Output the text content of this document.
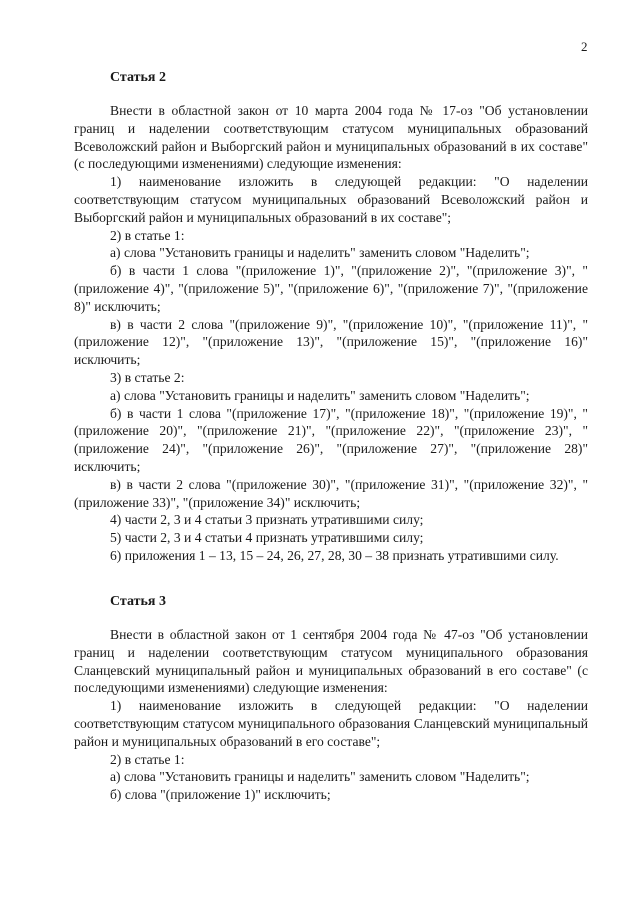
2
Статья 2

Внести в областной закон от 10 марта 2004 года № 17-оз "Об установлении границ и наделении соответствующим статусом муниципальных образований Всеволожский район и Выборгский район и муниципальных образований в их составе" (с последующими изменениями) следующие изменения:

1) наименование изложить в следующей редакции: "О наделении соответствующим статусом муниципальных образований Всеволожский район и Выборгский район и муниципальных образований в их составе";

2) в статье 1:

а) слова "Установить границы и наделить" заменить словом "Наделить";

б) в части 1 слова "(приложение 1)", "(приложение 2)", "(приложение 3)", "(приложение 4)", "(приложение 5)", "(приложение 6)", "(приложение 7)", "(приложение 8)" исключить;

в) в части 2 слова "(приложение 9)", "(приложение 10)", "(приложение 11)", "(приложение 12)", "(приложение 13)", "(приложение 15)", "(приложение 16)" исключить;

3) в статье 2:

а) слова "Установить границы и наделить" заменить словом "Наделить";

б) в части 1 слова "(приложение 17)", "(приложение 18)", "(приложение 19)", "(приложение 20)", "(приложение 21)", "(приложение 22)", "(приложение 23)", "(приложение 24)", "(приложение 26)", "(приложение 27)", "(приложение 28)" исключить;

в) в части 2 слова "(приложение 30)", "(приложение 31)", "(приложение 32)", "(приложение 33)", "(приложение 34)" исключить;

4) части 2, 3 и 4 статьи 3 признать утратившими силу;

5) части 2, 3 и 4 статьи 4 признать утратившими силу;

6) приложения 1 – 13, 15 – 24, 26, 27, 28, 30 – 38 признать утратившими силу.

Статья 3

Внести в областной закон от 1 сентября 2004 года № 47-оз "Об установлении границ и наделении соответствующим статусом муниципального образования Сланцевский муниципальный район и муниципальных образований в его составе" (с последующими изменениями) следующие изменения:

1) наименование изложить в следующей редакции: "О наделении соответствующим статусом муниципального образования Сланцевский муниципальный район и муниципальных образований в его составе";

2) в статье 1:

а) слова "Установить границы и наделить" заменить словом "Наделить";

б) слова "(приложение 1)" исключить;
